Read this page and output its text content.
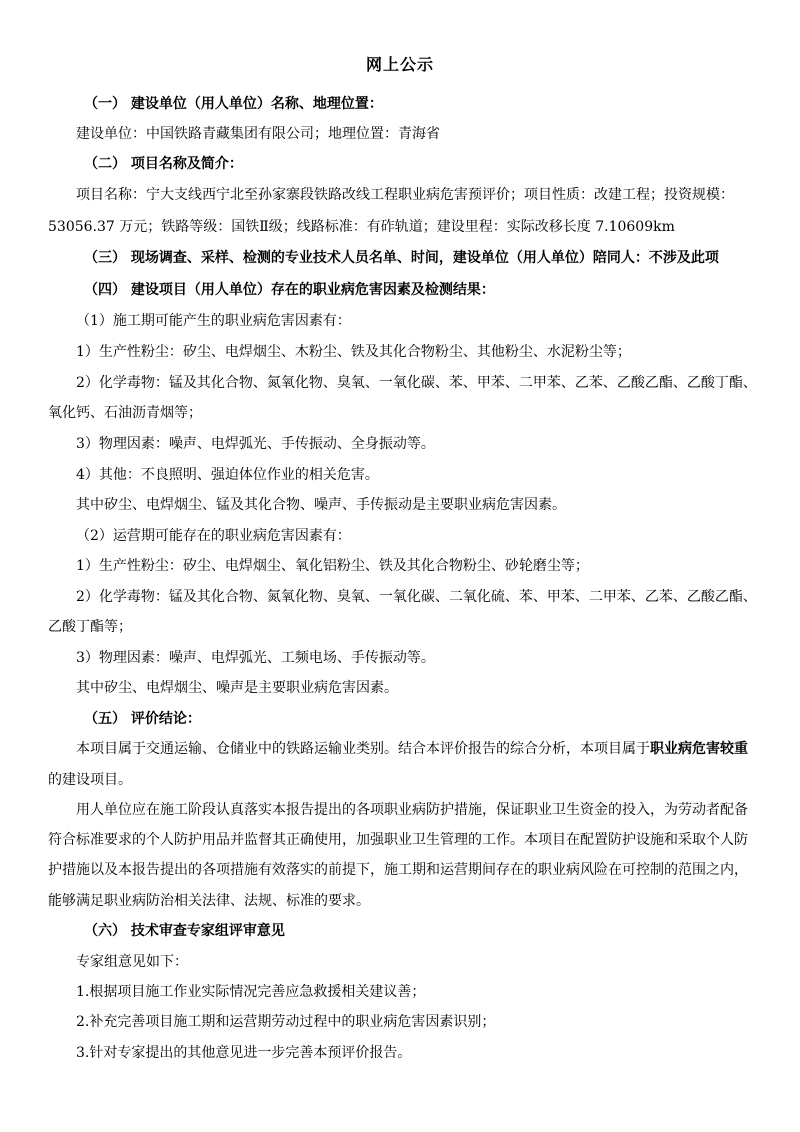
网上公示
（一） 建设单位（用人单位）名称、地理位置：
建设单位：中国铁路青藏集团有限公司；地理位置：青海省
（二） 项目名称及简介：
项目名称：宁大支线西宁北至孙家寨段铁路改线工程职业病危害预评价；项目性质：改建工程；投资规模：
53056.37 万元；铁路等级：国铁Ⅱ级；线路标准：有砟轨道；建设里程：实际改移长度 7.10609km
（三） 现场调查、采样、检测的专业技术人员名单、时间，建设单位（用人单位）陪同人：不涉及此项
（四） 建设项目（用人单位）存在的职业病危害因素及检测结果：
（1）施工期可能产生的职业病危害因素有：
1）生产性粉尘：矽尘、电焊烟尘、木粉尘、铁及其化合物粉尘、其他粉尘、水泥粉尘等；
2）化学毒物：锰及其化合物、氮氧化物、臭氧、一氧化碳、苯、甲苯、二甲苯、乙苯、乙酸乙酯、乙酸丁酯、
氧化钙、石油沥青烟等；
3）物理因素：噪声、电焊弧光、手传振动、全身振动等。
4）其他：不良照明、强迫体位作业的相关危害。
其中矽尘、电焊烟尘、锰及其化合物、噪声、手传振动是主要职业病危害因素。
（2）运营期可能存在的职业病危害因素有：
1）生产性粉尘：矽尘、电焊烟尘、氧化铝粉尘、铁及其化合物粉尘、砂轮磨尘等；
2）化学毒物：锰及其化合物、氮氧化物、臭氧、一氧化碳、二氧化硫、苯、甲苯、二甲苯、乙苯、乙酸乙酯、
乙酸丁酯等；
3）物理因素：噪声、电焊弧光、工频电场、手传振动等。
其中矽尘、电焊烟尘、噪声是主要职业病危害因素。
（五） 评价结论：
本项目属于交通运输、仓储业中的铁路运输业类别。结合本评价报告的综合分析，本项目属于职业病危害较重
的建设项目。
用人单位应在施工阶段认真落实本报告提出的各项职业病防护措施，保证职业卫生资金的投入，为劳动者配备
符合标准要求的个人防护用品并监督其正确使用，加强职业卫生管理的工作。本项目在配置防护设施和采取个人防
护措施以及本报告提出的各项措施有效落实的前提下，施工期和运营期间存在的职业病风险在可控制的范围之内，
能够满足职业病防治相关法律、法规、标准的要求。
（六） 技术审查专家组评审意见
专家组意见如下：
1.根据项目施工作业实际情况完善应急救援相关建议善；
2.补充完善项目施工期和运营期劳动过程中的职业病危害因素识别；
3.针对专家提出的其他意见进一步完善本预评价报告。
